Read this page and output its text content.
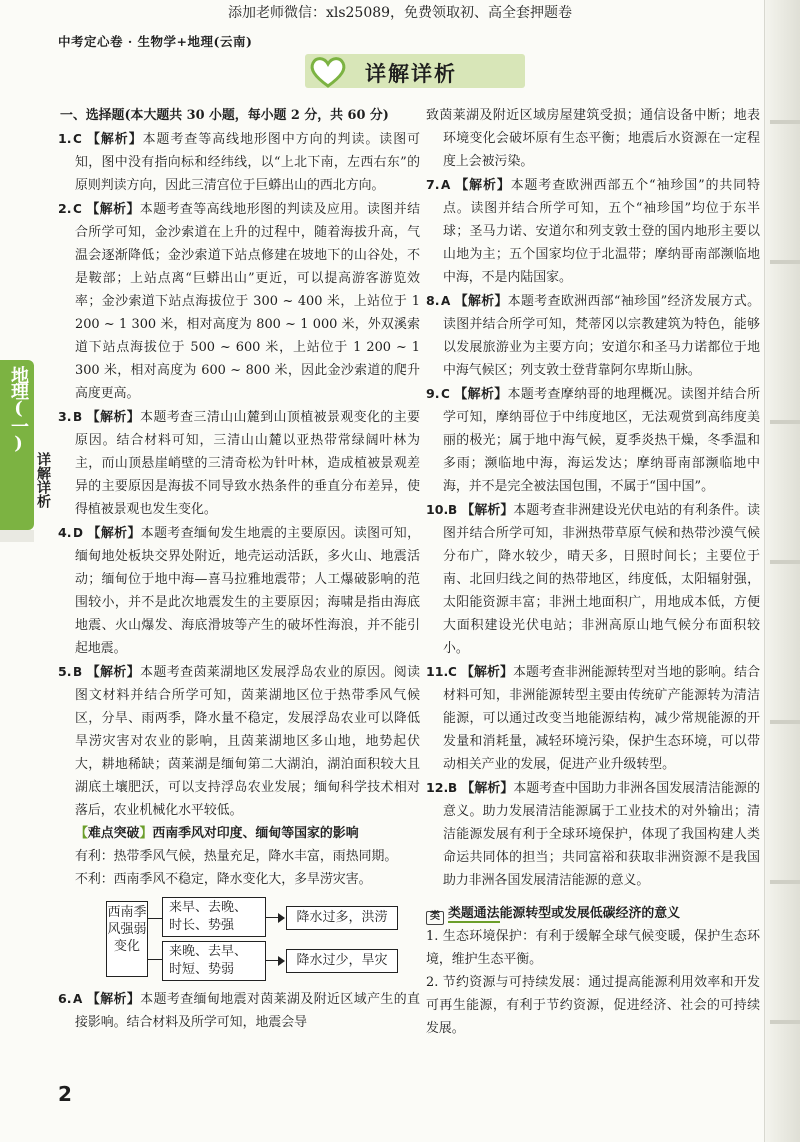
添加老师微信：xls25089，免费领取初、高全套押题卷
中考定心卷 · 生物学+地理(云南)
详解详析
地理(一)
详解详析
一、选择题(本大题共 30 小题，每小题 2 分，共 60 分)
1.C 【解析】本题考查等高线地形图中方向的判读。读图可知，图中没有指向标和经纬线，以“上北下南，左西右东”的原则判读方向，因此三清宫位于巨蟒出山的西北方向。
2.C 【解析】本题考查等高线地形图的判读及应用。读图并结合所学可知，金沙索道在上升的过程中，随着海拔升高，气温会逐渐降低；金沙索道下站点修建在坡地下的山谷处，不是鞍部；上站点离“巨蟒出山”更近，可以提高游客游览效率；金沙索道下站点海拔位于 300 ~ 400 米，上站位于 1 200 ~ 1 300 米，相对高度为 800 ~ 1 000 米，外双溪索道下站点海拔位于 500 ~ 600 米，上站位于 1 200 ~ 1 300 米，相对高度为 600 ~ 800 米，因此金沙索道的爬升高度更高。
3.B 【解析】本题考查三清山山麓到山顶植被景观变化的主要原因。结合材料可知，三清山山麓以亚热带常绿阔叶林为主，而山顶悬崖峭壁的三清奇松为针叶林，造成植被景观差异的主要原因是海拔不同导致水热条件的垂直分布差异，使得植被景观也发生变化。
4.D 【解析】本题考查缅甸发生地震的主要原因。读图可知，缅甸地处板块交界处附近，地壳运动活跃，多火山、地震活动；缅甸位于地中海—喜马拉雅地震带；人工爆破影响的范围较小，并不是此次地震发生的主要原因；海啸是指由海底地震、火山爆发、海底滑坡等产生的破坏性海浪，并不能引起地震。
5.B 【解析】本题考查茵莱湖地区发展浮岛农业的原因。阅读图文材料并结合所学可知，茵莱湖地区位于热带季风气候区，分旱、雨两季，降水量不稳定，发展浮岛农业可以降低旱涝灾害对农业的影响，且茵莱湖地区多山地，地势起伏大，耕地稀缺；茵莱湖是缅甸第二大湖泊，湖泊面积较大且湖底土壤肥沃，可以支持浮岛农业发展；缅甸科学技术相对落后，农业机械化水平较低。
【难点突破】西南季风对印度、缅甸等国家的影响
有利：热带季风气候，热量充足，降水丰富，雨热同期。
不利：西南季风不稳定，降水变化大，多旱涝灾害。
西南季风强弱变化
来早、去晚、时长、势强
降水过多，洪涝
来晚、去早、时短、势弱
降水过少，旱灾
6.A 【解析】本题考查缅甸地震对茵莱湖及附近区域产生的直接影响。结合材料及所学可知，地震会导
致茵莱湖及附近区域房屋建筑受损；通信设备中断；地表环境变化会破坏原有生态平衡；地震后水资源在一定程度上会被污染。
7.A 【解析】本题考查欧洲西部五个“袖珍国”的共同特点。读图并结合所学可知，五个“袖珍国”均位于东半球；圣马力诺、安道尔和列支敦士登的国内地形主要以山地为主；五个国家均位于北温带；摩纳哥南部濒临地中海，不是内陆国家。
8.A 【解析】本题考查欧洲西部“袖珍国”经济发展方式。读图并结合所学可知，梵蒂冈以宗教建筑为特色，能够以发展旅游业为主要方向；安道尔和圣马力诺都位于地中海气候区；列支敦士登背靠阿尔卑斯山脉。
9.C 【解析】本题考查摩纳哥的地理概况。读图并结合所学可知，摩纳哥位于中纬度地区，无法观赏到高纬度美丽的极光；属于地中海气候，夏季炎热干燥，冬季温和多雨；濒临地中海，海运发达；摩纳哥南部濒临地中海，并不是完全被法国包围，不属于“国中国”。
10.B 【解析】本题考查非洲建设光伏电站的有利条件。读图并结合所学可知，非洲热带草原气候和热带沙漠气候分布广，降水较少，晴天多，日照时间长；主要位于南、北回归线之间的热带地区，纬度低，太阳辐射强，太阳能资源丰富；非洲土地面积广，用地成本低，方便大面积建设光伏电站；非洲高原山地气候分布面积较小。
11.C 【解析】本题考查非洲能源转型对当地的影响。结合材料可知，非洲能源转型主要由传统矿产能源转为清洁能源，可以通过改变当地能源结构，减少常规能源的开发量和消耗量，减轻环境污染，保护生态环境，可以带动相关产业的发展，促进产业升级转型。
12.B 【解析】本题考查中国助力非洲各国发展清洁能源的意义。助力发展清洁能源属于工业技术的对外输出；清洁能源发展有利于全球环境保护，体现了我国构建人类命运共同体的担当；共同富裕和获取非洲资源不是我国助力非洲各国发展清洁能源的意义。
类 类题通法能源转型或发展低碳经济的意义
1. 生态环境保护：有利于缓解全球气候变暖，保护生态环境，维护生态平衡。
2. 节约资源与可持续发展：通过提高能源利用效率和开发可再生能源，有利于节约资源，促进经济、社会的可持续发展。
2
